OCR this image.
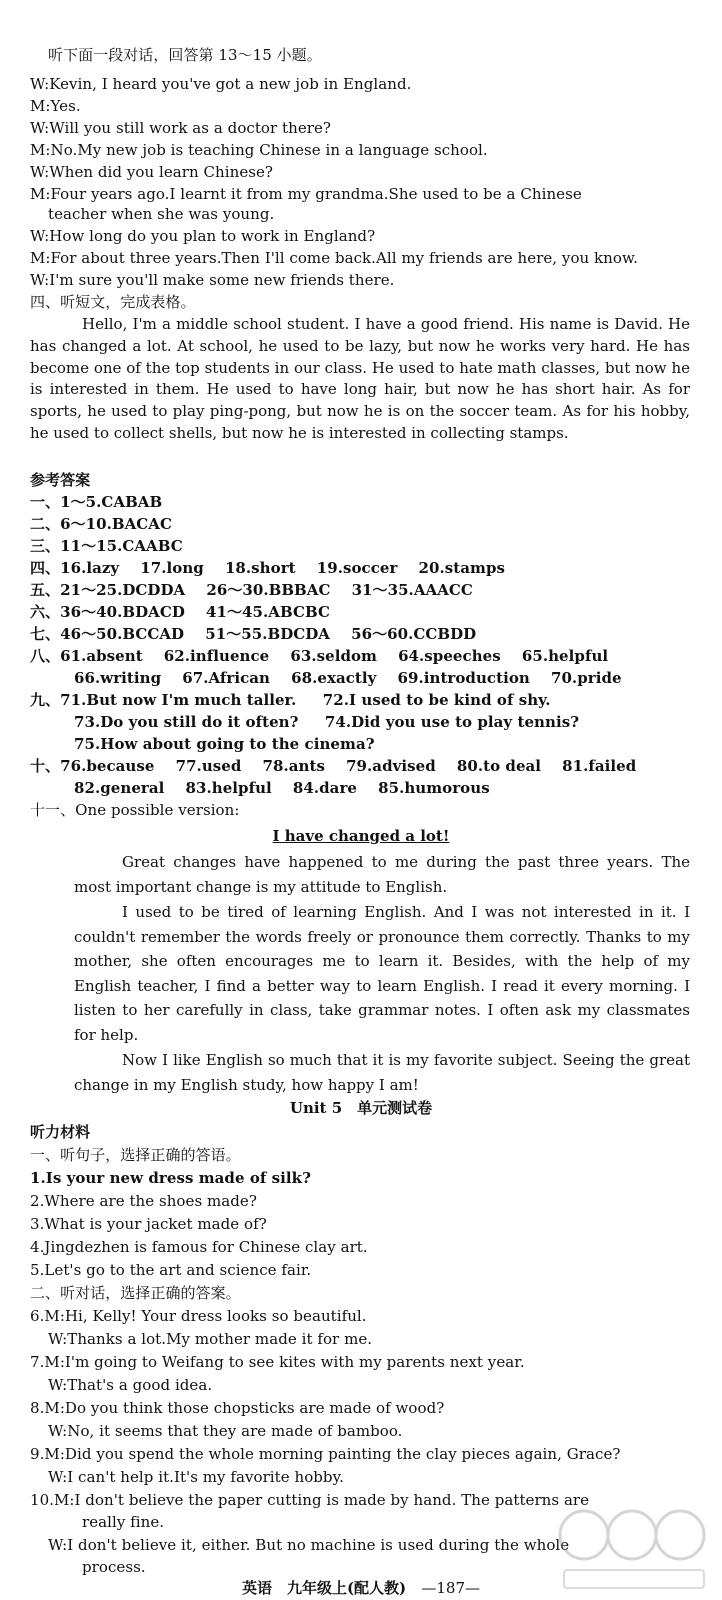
听下面一段对话，回答第 13～15 小题。
W:Kevin, I heard you've got a new job in England.
M:Yes.
W:Will you still work as a doctor there?
M:No.My new job is teaching Chinese in a language school.
W:When did you learn Chinese?
M:Four years ago.I learnt it from my grandma.She used to be a Chinese
teacher when she was young.
W:How long do you plan to work in England?
M:For about three years.Then I'll come back.All my friends are here, you know.
W:I'm sure you'll make some new friends there.
四、听短文，完成表格。
Hello, I'm a middle school student. I have a good friend. His name is David. He has changed a lot. At school, he used to be lazy, but now he works very hard. He has become one of the top students in our class. He used to hate math classes, but now he is interested in them. He used to have long hair, but now he has short hair. As for sports, he used to play ping-pong, but now he is on the soccer team. As for his hobby, he used to collect shells, but now he is interested in collecting stamps.
参考答案
一、1～5.CABAB
二、6～10.BACAC
三、11～15.CAABC
四、16.lazy 17.long 18.short 19.soccer 20.stamps
五、21～25.DCDDA 26～30.BBBAC 31～35.AAACC
六、36～40.BDACD 41～45.ABCBC
七、46～50.BCCAD 51～55.BDCDA 56～60.CCBDD
八、61.absent 62.influence 63.seldom 64.speeches 65.helpful
66.writing 67.African 68.exactly 69.introduction 70.pride
九、71.But now I'm much taller. 72.I used to be kind of shy.
73.Do you still do it often? 74.Did you use to play tennis?
75.How about going to the cinema?
十、76.because 77.used 78.ants 79.advised 80.to deal 81.failed
82.general 83.helpful 84.dare 85.humorous
十一、One possible version:
I have changed a lot!
Great changes have happened to me during the past three years. The most important change is my attitude to English.
I used to be tired of learning English. And I was not interested in it. I couldn't remember the words freely or pronounce them correctly. Thanks to my mother, she often encourages me to learn it. Besides, with the help of my English teacher, I find a better way to learn English. I read it every morning. I listen to her carefully in class, take grammar notes. I often ask my classmates for help.
Now I like English so much that it is my favorite subject. Seeing the great change in my English study, how happy I am!
Unit 5　单元测试卷
听力材料
一、听句子，选择正确的答语。
1.Is your new dress made of silk?
2.Where are the shoes made?
3.What is your jacket made of?
4.Jingdezhen is famous for Chinese clay art.
5.Let's go to the art and science fair.
二、听对话，选择正确的答案。
6.M:Hi, Kelly! Your dress looks so beautiful.
W:Thanks a lot.My mother made it for me.
7.M:I'm going to Weifang to see kites with my parents next year.
W:That's a good idea.
8.M:Do you think those chopsticks are made of wood?
W:No, it seems that they are made of bamboo.
9.M:Did you spend the whole morning painting the clay pieces again, Grace?
W:I can't help it.It's my favorite hobby.
10.M:I don't believe the paper cutting is made by hand. The patterns are
really fine.
W:I don't believe it, either. But no machine is used during the whole
process.
英语　九年级上(配人教) —187—
